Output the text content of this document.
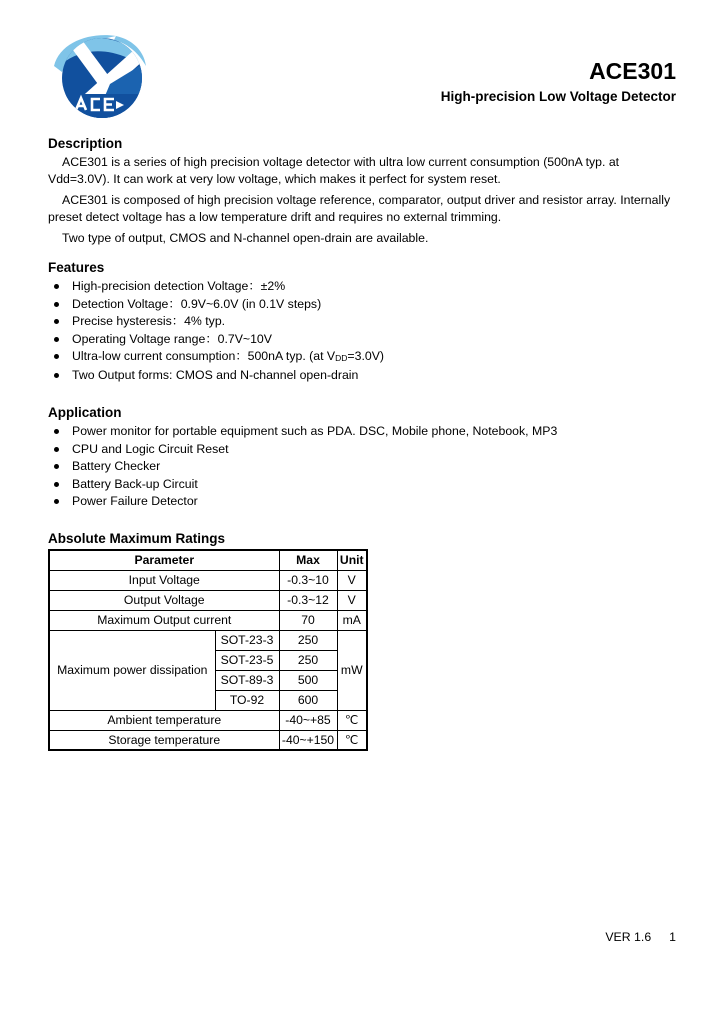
ACE301
High-precision Low Voltage Detector
Description

ACE301 is a series of high precision voltage detector with ultra low current consumption (500nA typ. at Vdd=3.0V). It can work at very low voltage, which makes it perfect for system reset.

ACE301 is composed of high precision voltage reference, comparator, output driver and resistor array. Internally preset detect voltage has a low temperature drift and requires no external trimming.

Two type of output, CMOS and N-channel open-drain are available.

Features
High-precision detection Voltage：±2%
Detection Voltage：0.9V~6.0V (in 0.1V steps)
Precise hysteresis：4% typ.
Operating Voltage range：0.7V~10V
Ultra-low current consumption：500nA typ. (at VDD=3.0V)
Two Output forms: CMOS and N-channel open-drain
Application
Power monitor for portable equipment such as PDA. DSC, Mobile phone, Notebook, MP3
CPU and Logic Circuit Reset
Battery Checker
Battery Back-up Circuit
Power Failure Detector
Absolute Maximum Ratings
Parameter		Max	Unit
Input Voltage		-0.3~10	V
Output Voltage		-0.3~12	V
Maximum Output current		70	mA
Maximum power dissipation	SOT-23-3	250	mW
	SOT-23-5	250	
	SOT-89-3	500	
	TO-92	600	
Ambient temperature		-40~+85	℃
Storage temperature		-40~+150	℃
VER 1.6 1
